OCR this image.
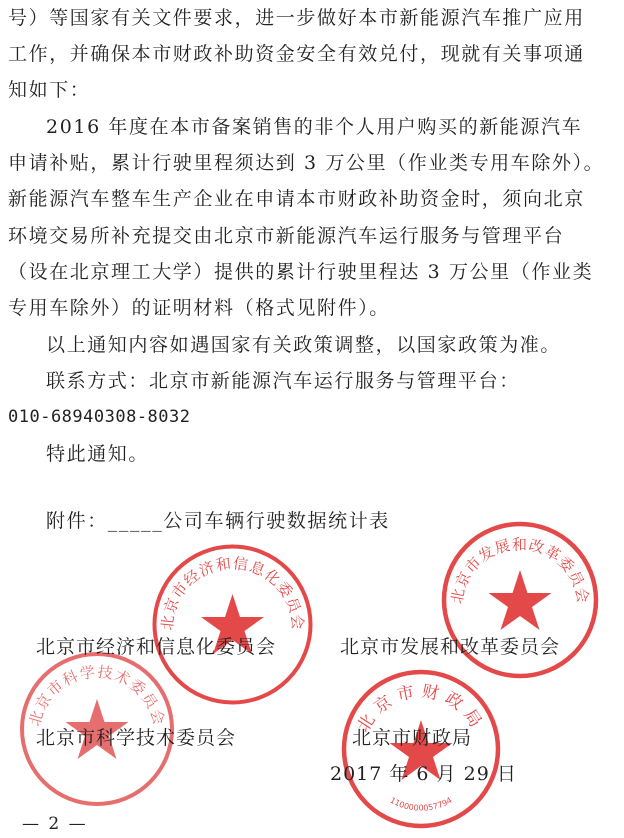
号）等国家有关文件要求，进一步做好本市新能源汽车推广应用

工作，并确保本市财政补助资金安全有效兑付，现就有关事项通

知如下：

2016 年度在本市备案销售的非个人用户购买的新能源汽车

申请补贴，累计行驶里程须达到 3 万公里（作业类专用车除外）。

新能源汽车整车生产企业在申请本市财政补助资金时，须向北京

环境交易所补充提交由北京市新能源汽车运行服务与管理平台

（设在北京理工大学）提供的累计行驶里程达 3 万公里（作业类

专用车除外）的证明材料（格式见附件）。

以上通知内容如遇国家有关政策调整，以国家政策为准。

联系方式：北京市新能源汽车运行服务与管理平台：

010-68940308-8032

特此通知。

附件：_____公司车辆行驶数据统计表

北京市经济和信息化委员会
北京市发展和改革委员会
北京市科学技术委员会	北京市财政局
1100000057794
北京市经济和信息化委员会	北京市发展和改革委员会
北京市科学技术委员会	北京市财政局
2017 年 6 月 29 日
— 2 —
